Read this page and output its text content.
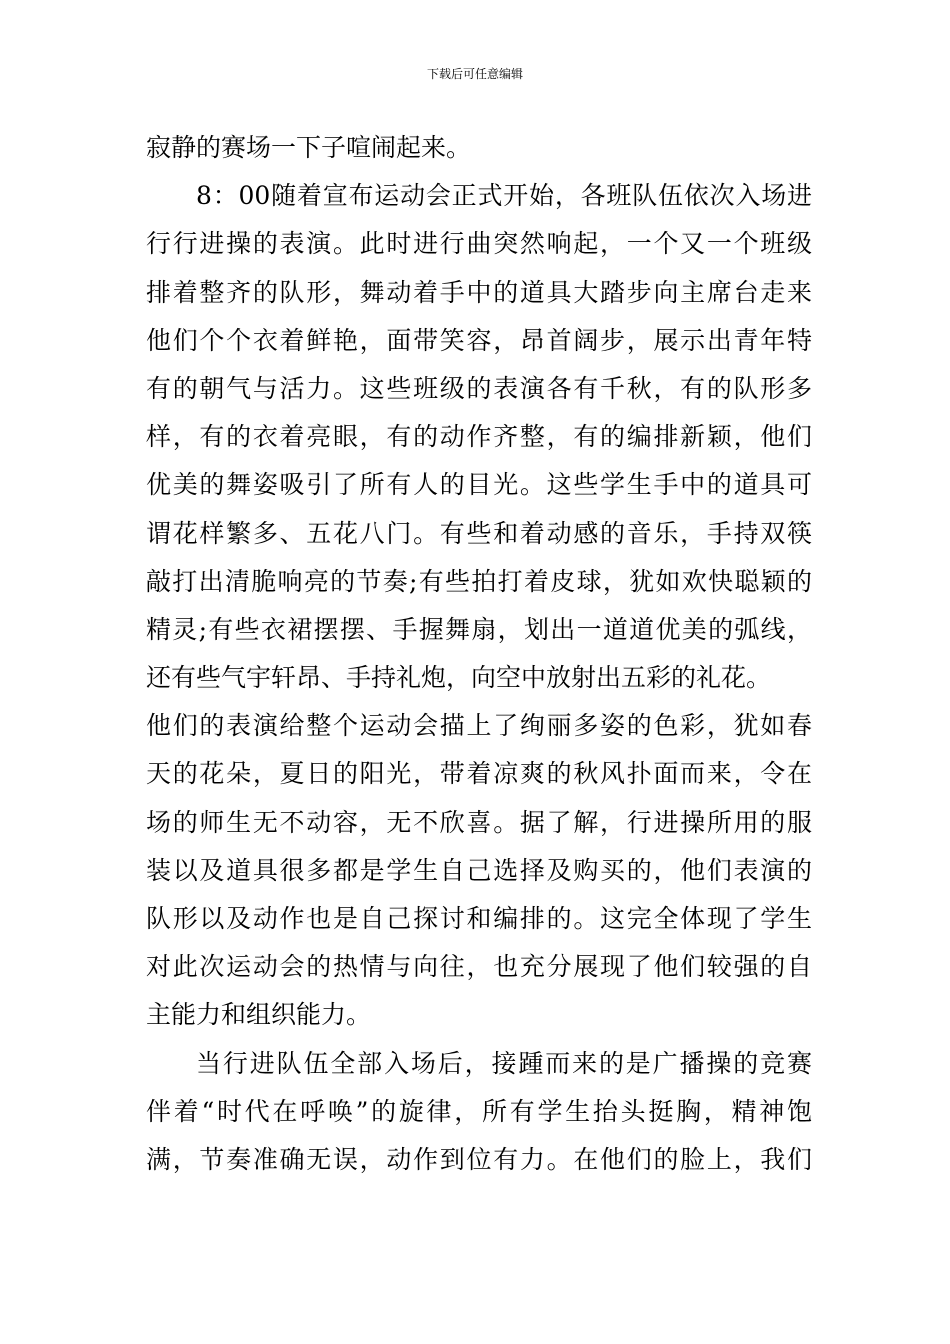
下载后可任意编辑
寂静的赛场一下子喧闹起来。
8：00随着宣布运动会正式开始，各班队伍依次入场进
行行进操的表演。此时进行曲突然响起，一个又一个班级
排着整齐的队形，舞动着手中的道具大踏步向主席台走来
他们个个衣着鲜艳，面带笑容，昂首阔步，展示出青年特
有的朝气与活力。这些班级的表演各有千秋，有的队形多
样，有的衣着亮眼，有的动作齐整，有的编排新颖，他们
优美的舞姿吸引了所有人的目光。这些学生手中的道具可
谓花样繁多、五花八门。有些和着动感的音乐，手持双筷
敲打出清脆响亮的节奏;有些拍打着皮球，犹如欢快聪颖的
精灵;有些衣裙摆摆、手握舞扇，划出一道道优美的弧线，
还有些气宇轩昂、手持礼炮，向空中放射出五彩的礼花。
他们的表演给整个运动会描上了绚丽多姿的色彩，犹如春
天的花朵，夏日的阳光，带着凉爽的秋风扑面而来，令在
场的师生无不动容，无不欣喜。据了解，行进操所用的服
装以及道具很多都是学生自己选择及购买的，他们表演的
队形以及动作也是自己探讨和编排的。这完全体现了学生
对此次运动会的热情与向往，也充分展现了他们较强的自
主能力和组织能力。
当行进队伍全部入场后，接踵而来的是广播操的竞赛
伴着“时代在呼唤”的旋律，所有学生抬头挺胸，精神饱
满，节奏准确无误，动作到位有力。在他们的脸上，我们
